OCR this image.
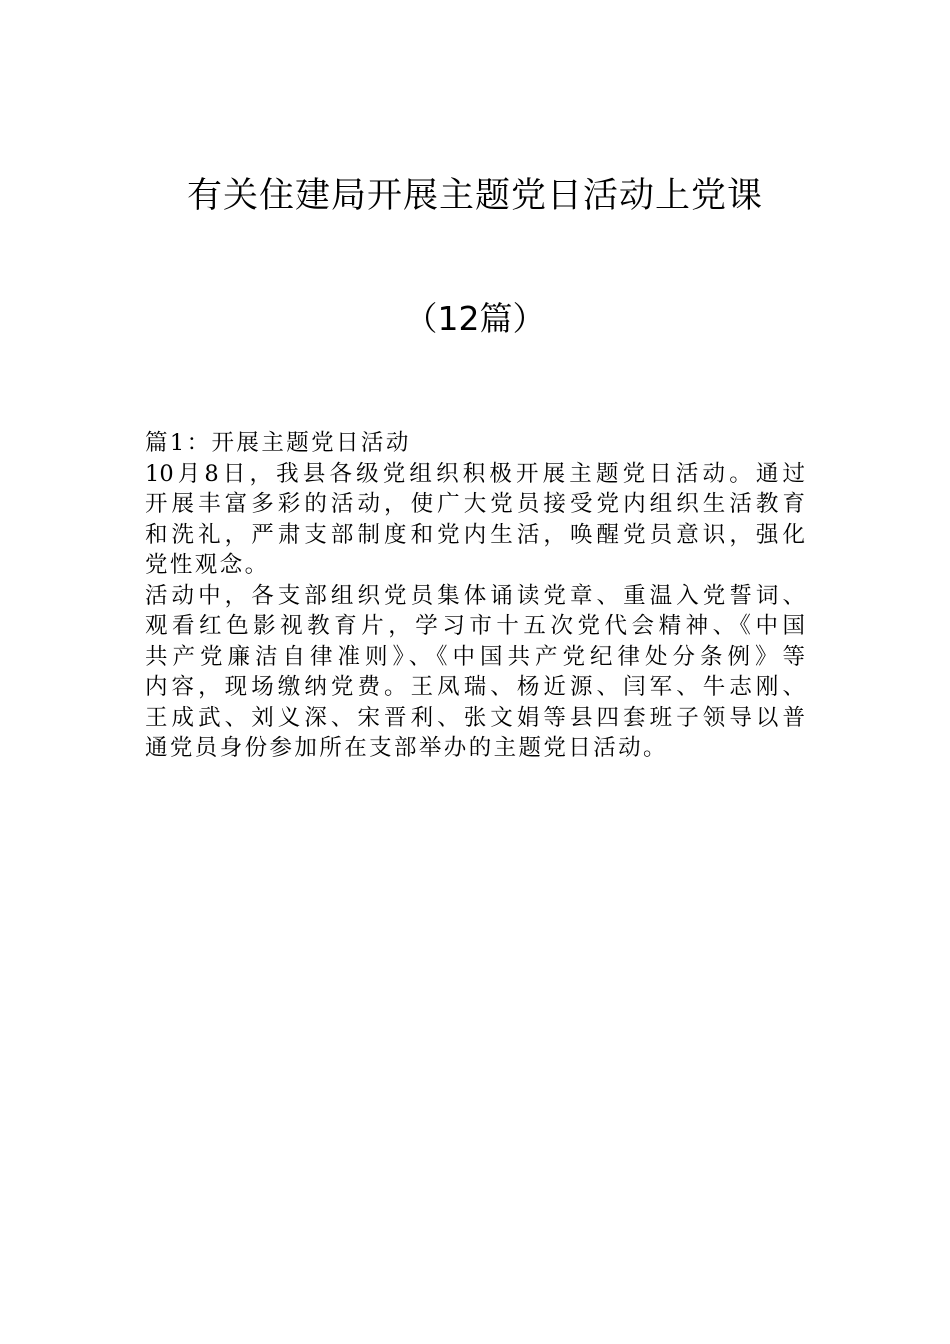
有关住建局开展主题党日活动上党课
（12篇）
篇1：开展主题党日活动
10月8日，我县各级党组织积极开展主题党日活动。通过
开展丰富多彩的活动，使广大党员接受党内组织生活教育
和洗礼，严肃支部制度和党内生活，唤醒党员意识，强化
党性观念。
活动中，各支部组织党员集体诵读党章、重温入党誓词、
观看红色影视教育片，学习市十五次党代会精神、《中国
共产党廉洁自律准则》、《中国共产党纪律处分条例》等
内容，现场缴纳党费。王凤瑞、杨近源、闫军、牛志刚、
王成武、刘义深、宋晋利、张文娟等县四套班子领导以普
通党员身份参加所在支部举办的主题党日活动。
